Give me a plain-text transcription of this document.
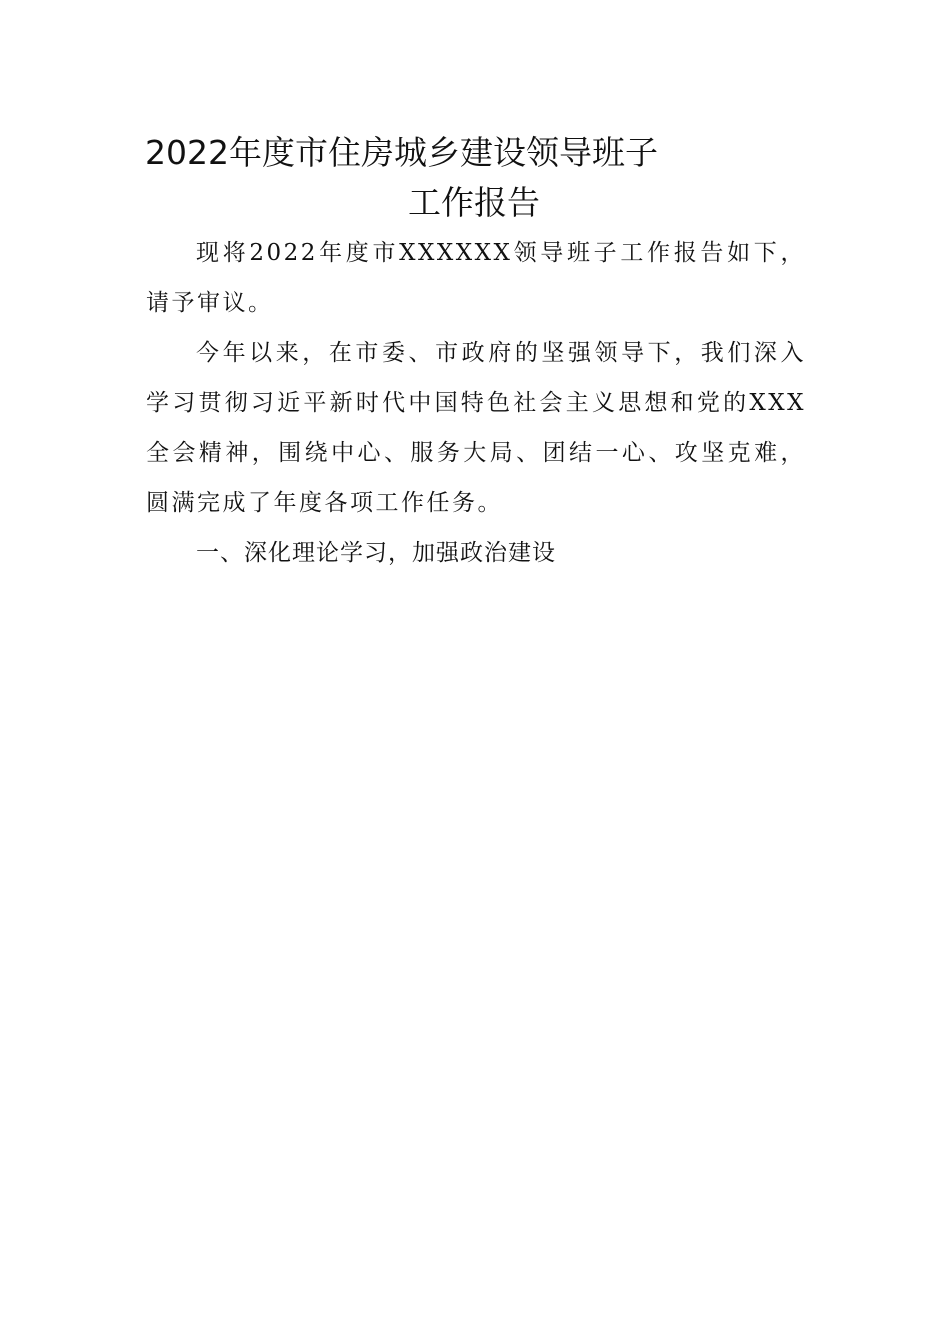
2022年度市住房城乡建设领导班子
工作报告

现将2022年度市XXXXXX领导班子工作报告如下，请予审议。

今年以来，在市委、市政府的坚强领导下，我们深入学习贯彻习近平新时代中国特色社会主义思想和党的XXX全会精神，围绕中心、服务大局、团结一心、攻坚克难，圆满完成了年度各项工作任务。

一、深化理论学习，加强政治建设
